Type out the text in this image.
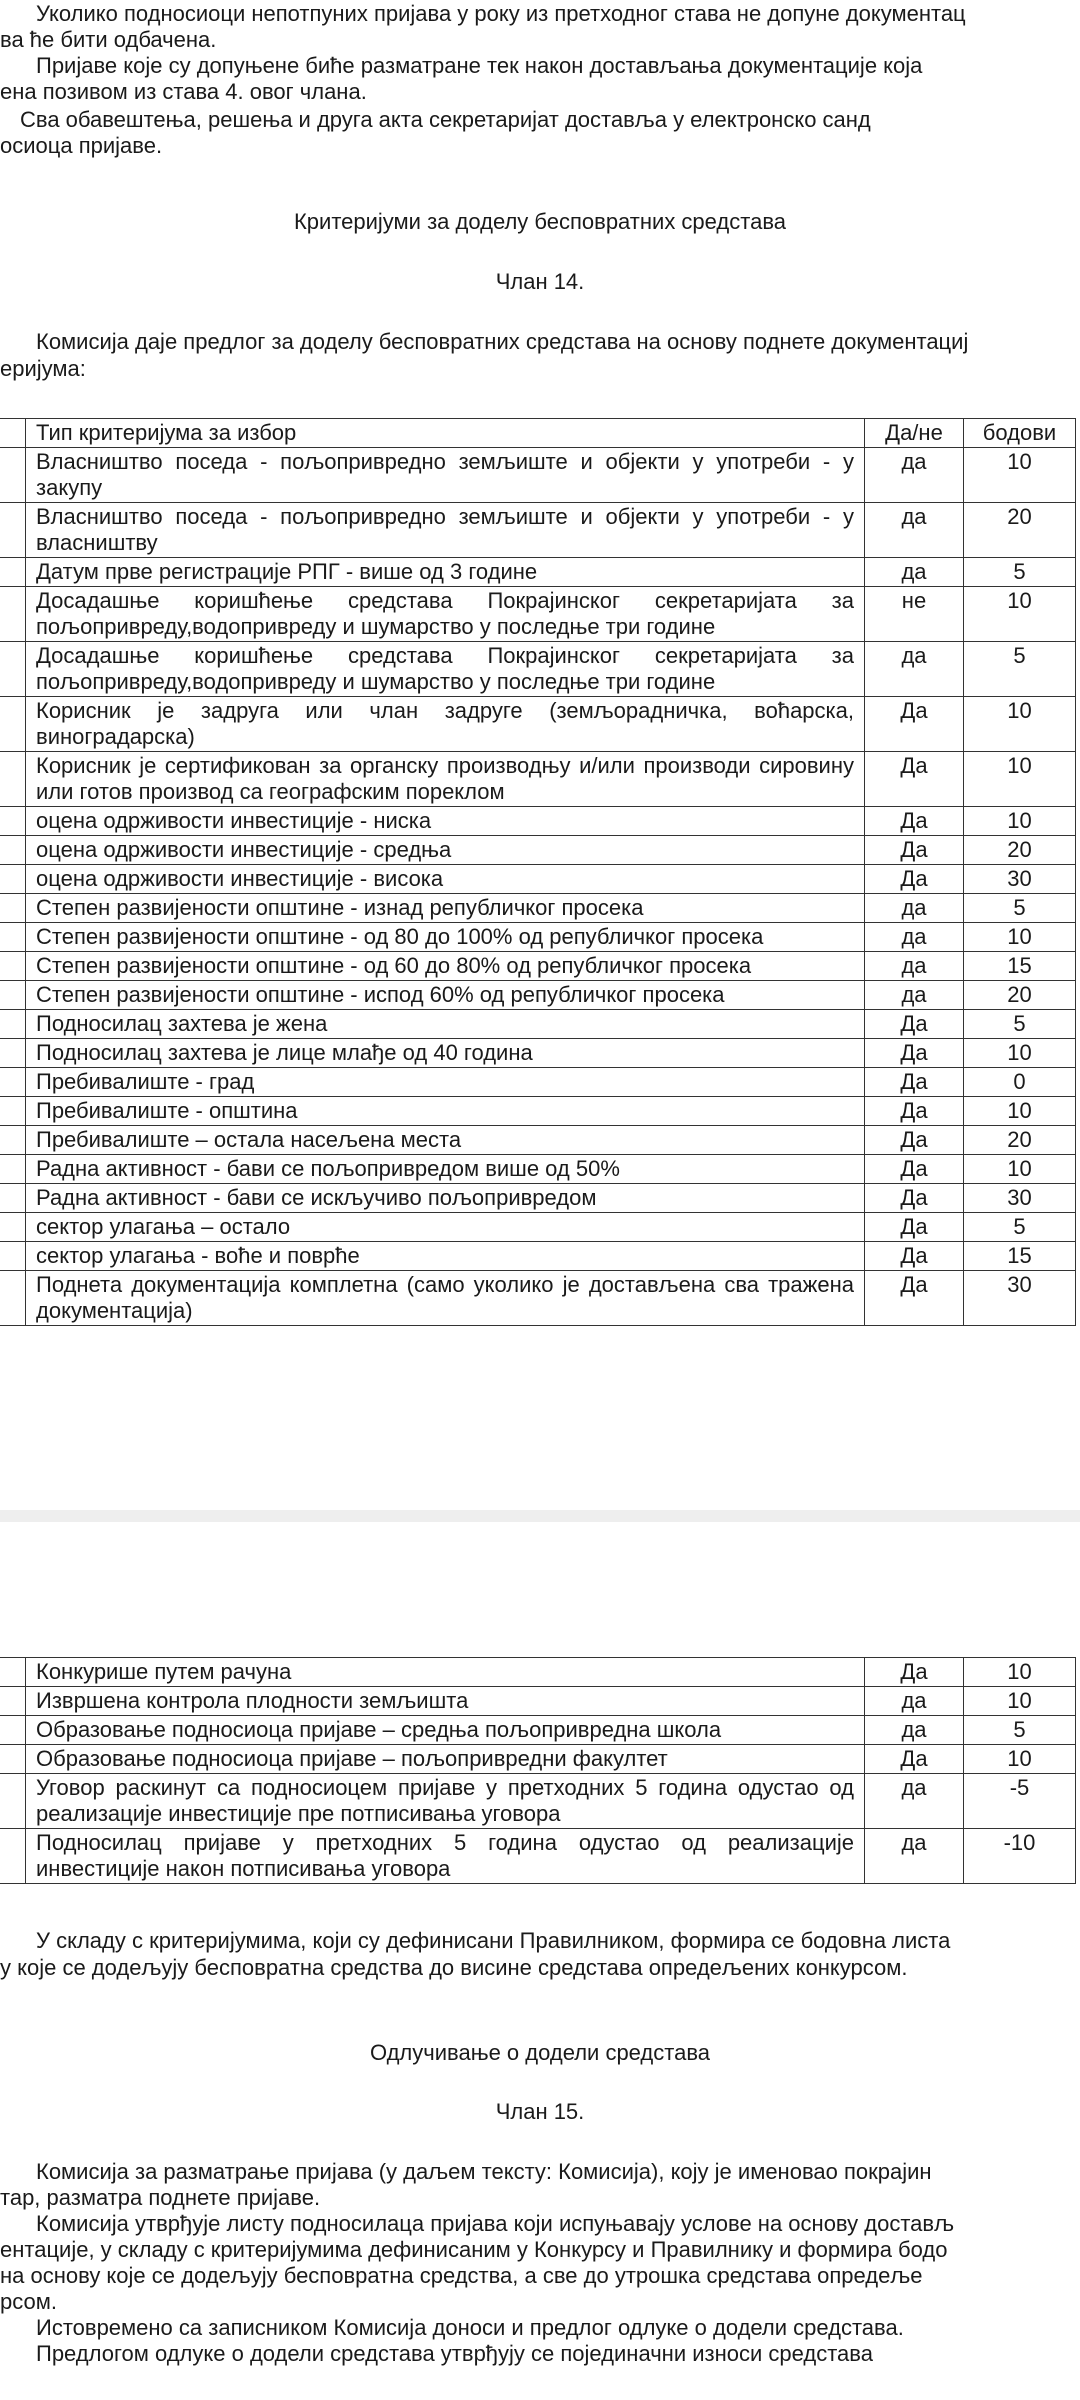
Уколико подносиоци непотпуних пријава у року из претходног става не допуне документац
ва ће бити одбачена.
Пријаве које су допуњене биће разматране тек након достављања документације која
ена позивом из става 4. овог члана.
Сва обавештења, решења и друга акта секретаријат доставља у електронско санд
осиоца пријаве.
Критеријуми за доделу бесповратних средстава
Члан 14.
Комисија даје предлог за доделу бесповратних средстава на основу поднете документациј
еријума:
	Тип критеријума за избор	Да/не	бодови
	Власништво поседа - пољопривредно земљиште и објекти у употреби - у закупу	да	10
	Власништво поседа - пољопривредно земљиште и објекти у употреби - у власништву	да	20
	Датум прве регистрације РПГ - више од 3 године	да	5
	Досадашње коришћење средстава Покрајинског секретаријата за пољопривреду,водопривреду и шумарство у последње три године	не	10
	Досадашње коришћење средстава Покрајинског секретаријата за пољопривреду,водопривреду и шумарство у последње три године	да	5
	Корисник је задруга или члан задруге (земљорадничка, воћарска, виноградарска)	Да	10
	Корисник је сертификован за органску производњу и/или производи сировину или готов производ са географским пореклом	Да	10
	оцена одрживости инвестиције - ниска	Да	10
	оцена одрживости инвестиције - средња	Да	20
	оцена одрживости инвестиције - висока	Да	30
	Степен развијености општине - изнад републичког просека	да	5
	Степен развијености општине - од 80 до 100% од републичког просека	да	10
	Степен развијености општине - од 60 до 80% од републичког просека	да	15
	Степен развијености општине - испод 60% од републичког просека	да	20
	Подносилац захтева је жена	Да	5
	Подносилац захтева је лице млађе од 40 година	Да	10
	Пребивалиште - град	Да	0
	Пребивалиште - општина	Да	10
	Пребивалиште – остала насељена места	Да	20
	Радна активност - бави се пољопривредом више од 50%	Да	10
	Радна активност - бави се искључиво пољопривредом	Да	30
	сектор улагања – остало	Да	5
	сектор улагања - воће и поврће	Да	15
	Поднета документација комплетна (само уколико је достављена сва тражена документација)	Да	30
	Конкурише путем рачуна	Да	10
	Извршена контрола плодности земљишта	да	10
	Образовање подносиоца пријаве – средња пољопривредна школа	да	5
	Образовање подносиоца пријаве – пољопривредни факултет	Да	10
	Уговор раскинут са подносиоцем пријаве у претходних 5 година одустао од реализације инвестиције пре потписивања уговора	да	-5
	Подносилац пријаве у претходних 5 година одустао од реализације инвестиције након потписивања уговора	да	-10
У складу с критеријумима, који су дефинисани Правилником, формира се бодовна листа
у које се додељују бесповратна средства до висине средстава опредељених конкурсом.
Одлучивање о додели средстава
Члан 15.
Комисија за разматрање пријава (у даљем тексту: Комисија), коју је именовао покрајин
тар, разматра поднете пријаве.
Комисија утврђује листу подносилаца пријава који испуњавају услове на основу достављ
ентације, у складу с критеријумима дефинисаним у Конкурсу и Правилнику и формира бодо
на основу које се додељују бесповратна средства, а све до утрошка средстава опредеље
рсом.
Истовремено са записником Комисија доноси и предлог одлуке о додели средстава.
Предлогом одлуке о додели средстава утврђују се појединачни износи средстава
